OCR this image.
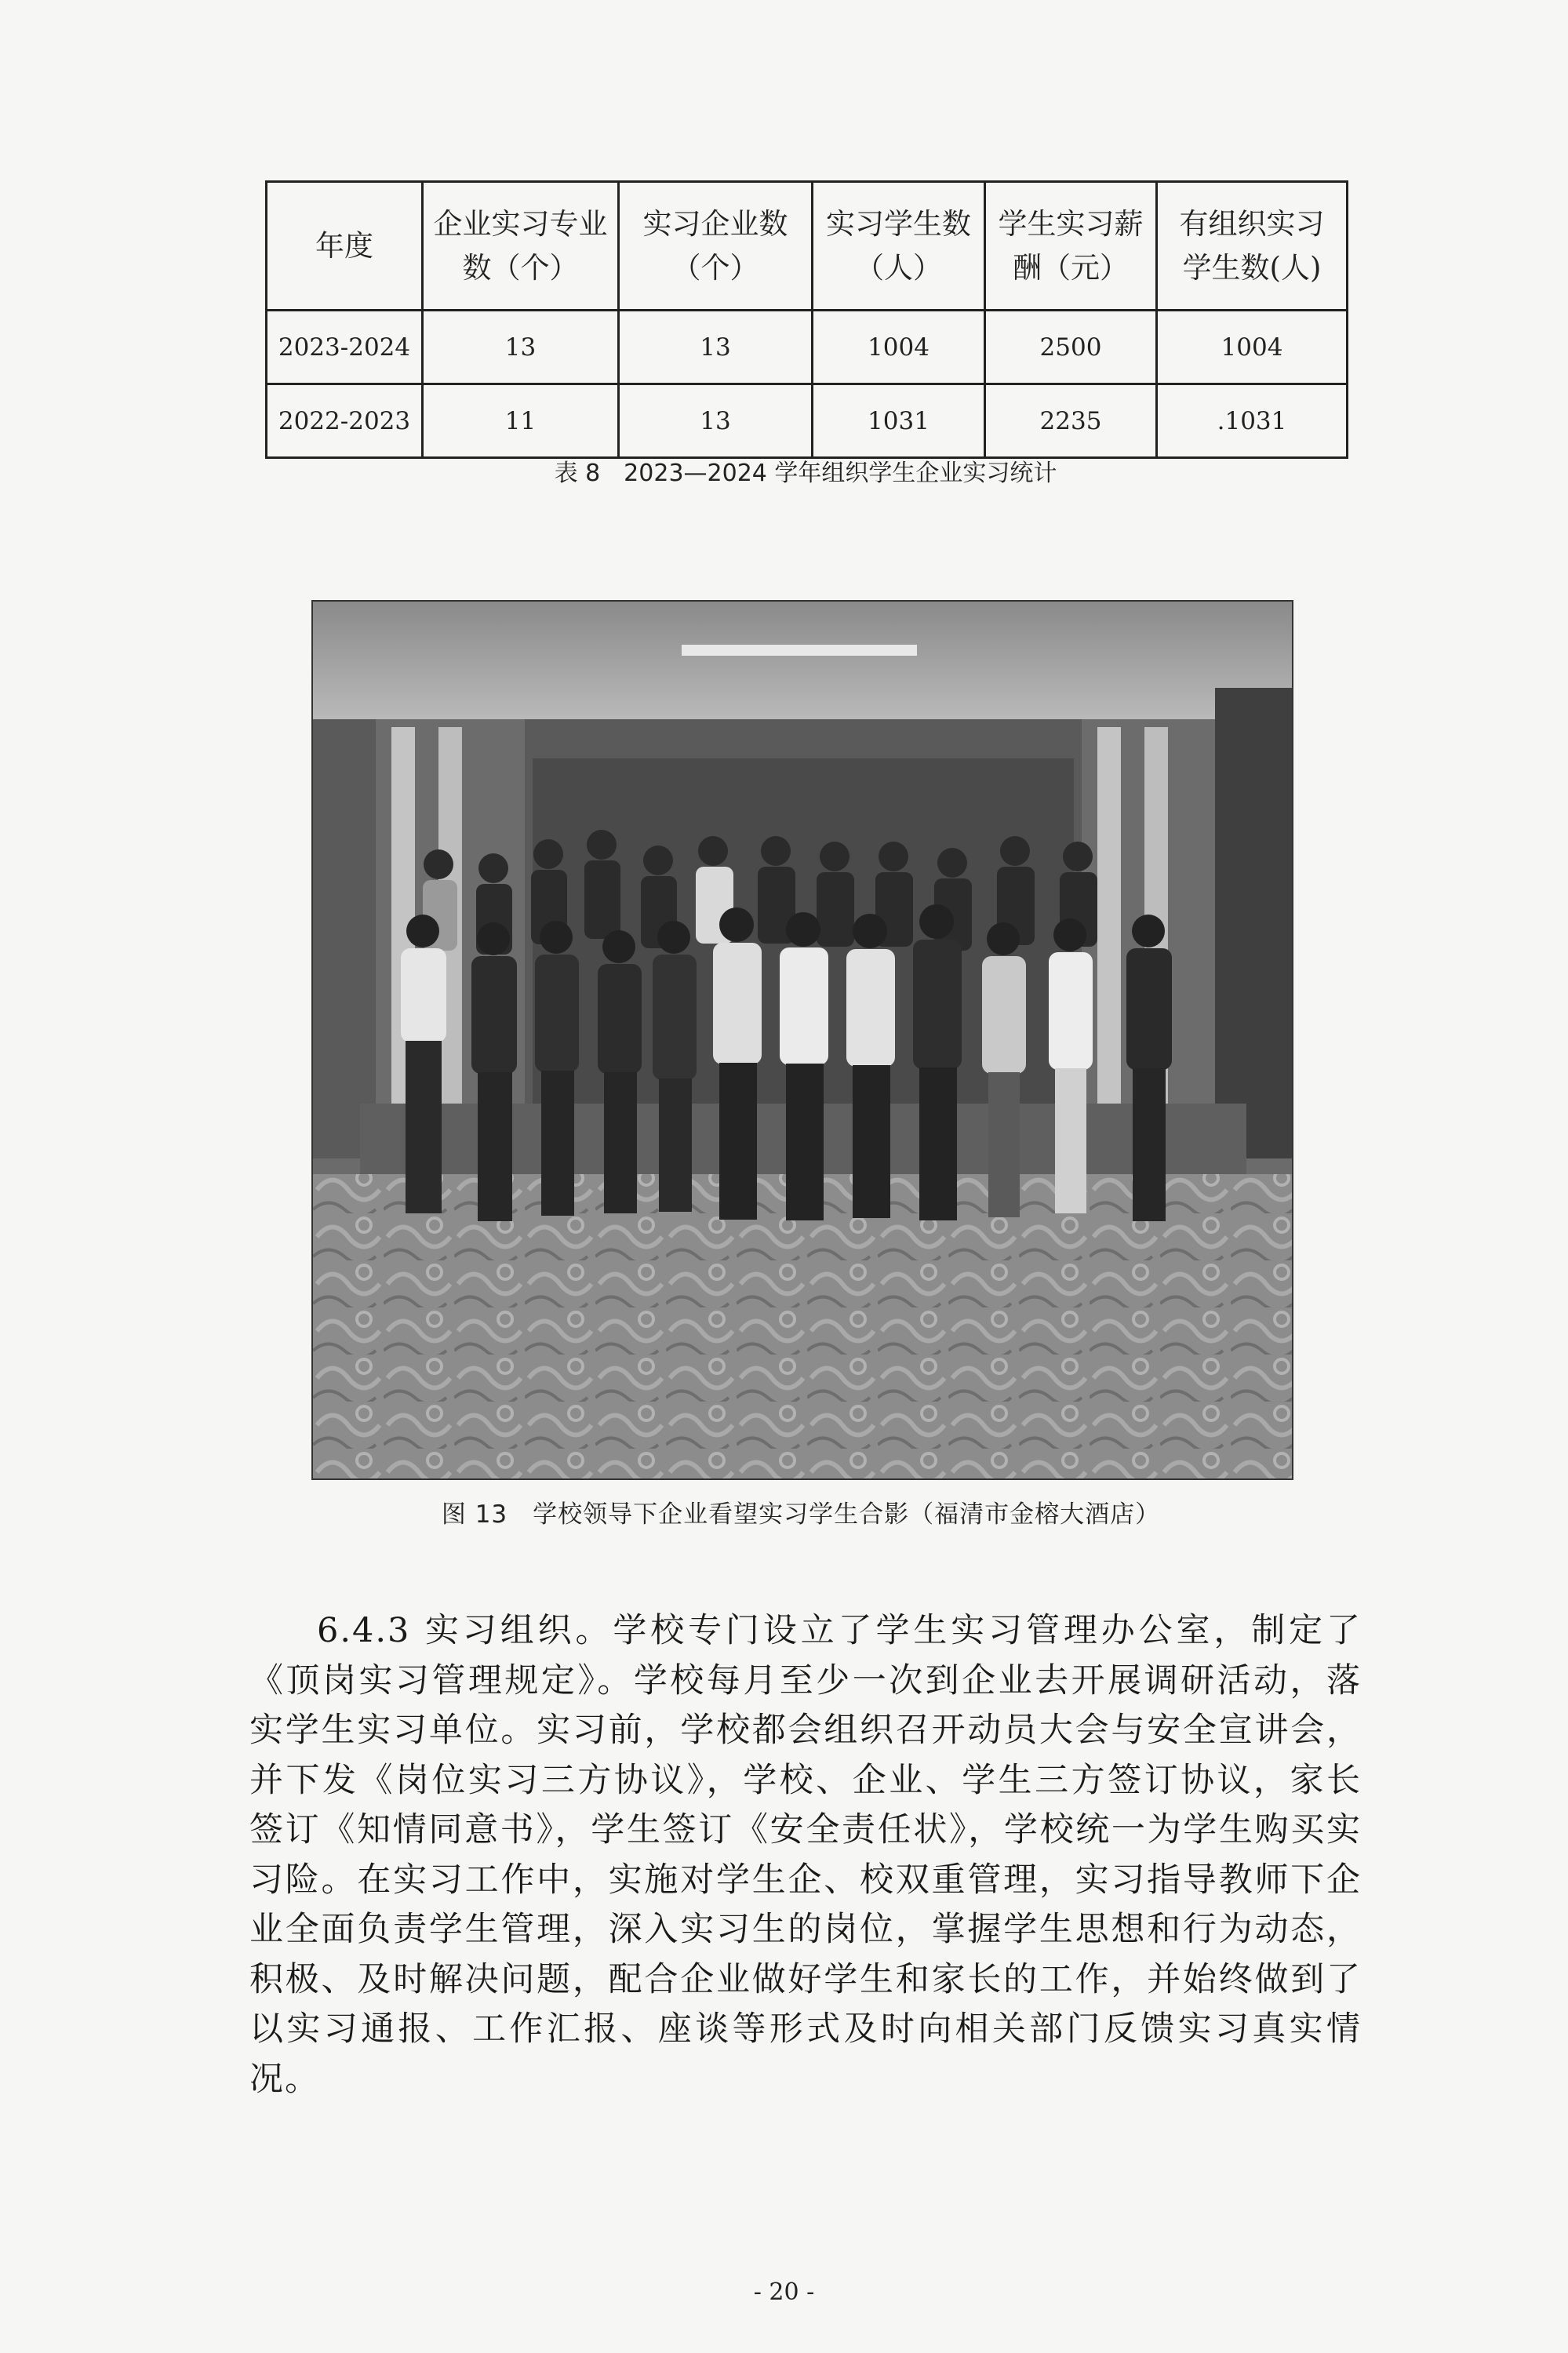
年度	企业实习专业数（个）	实习企业数（个）	实习学生数（人）	学生实习薪酬（元）	有组织实习学生数(人)
2023-2024	13	13	1004	2500	1004
2022-2023	11	13	1031	2235	.1031
表 8　2023—2024 学年组织学生企业实习统计
图 13　学校领导下企业看望实习学生合影（福清市金榕大酒店）

6.4.3 实习组织。学校专门设立了学生实习管理办公室，制定了《顶岗实习管理规定》。学校每月至少一次到企业去开展调研活动，落实学生实习单位。实习前，学校都会组织召开动员大会与安全宣讲会，并下发《岗位实习三方协议》，学校、企业、学生三方签订协议，家长签订《知情同意书》，学生签订《安全责任状》，学校统一为学生购买实习险。在实习工作中，实施对学生企、校双重管理，实习指导教师下企业全面负责学生管理，深入实习生的岗位，掌握学生思想和行为动态，积极、及时解决问题，配合企业做好学生和家长的工作，并始终做到了以实习通报、工作汇报、座谈等形式及时向相关部门反馈实习真实情况。

- 20 -
